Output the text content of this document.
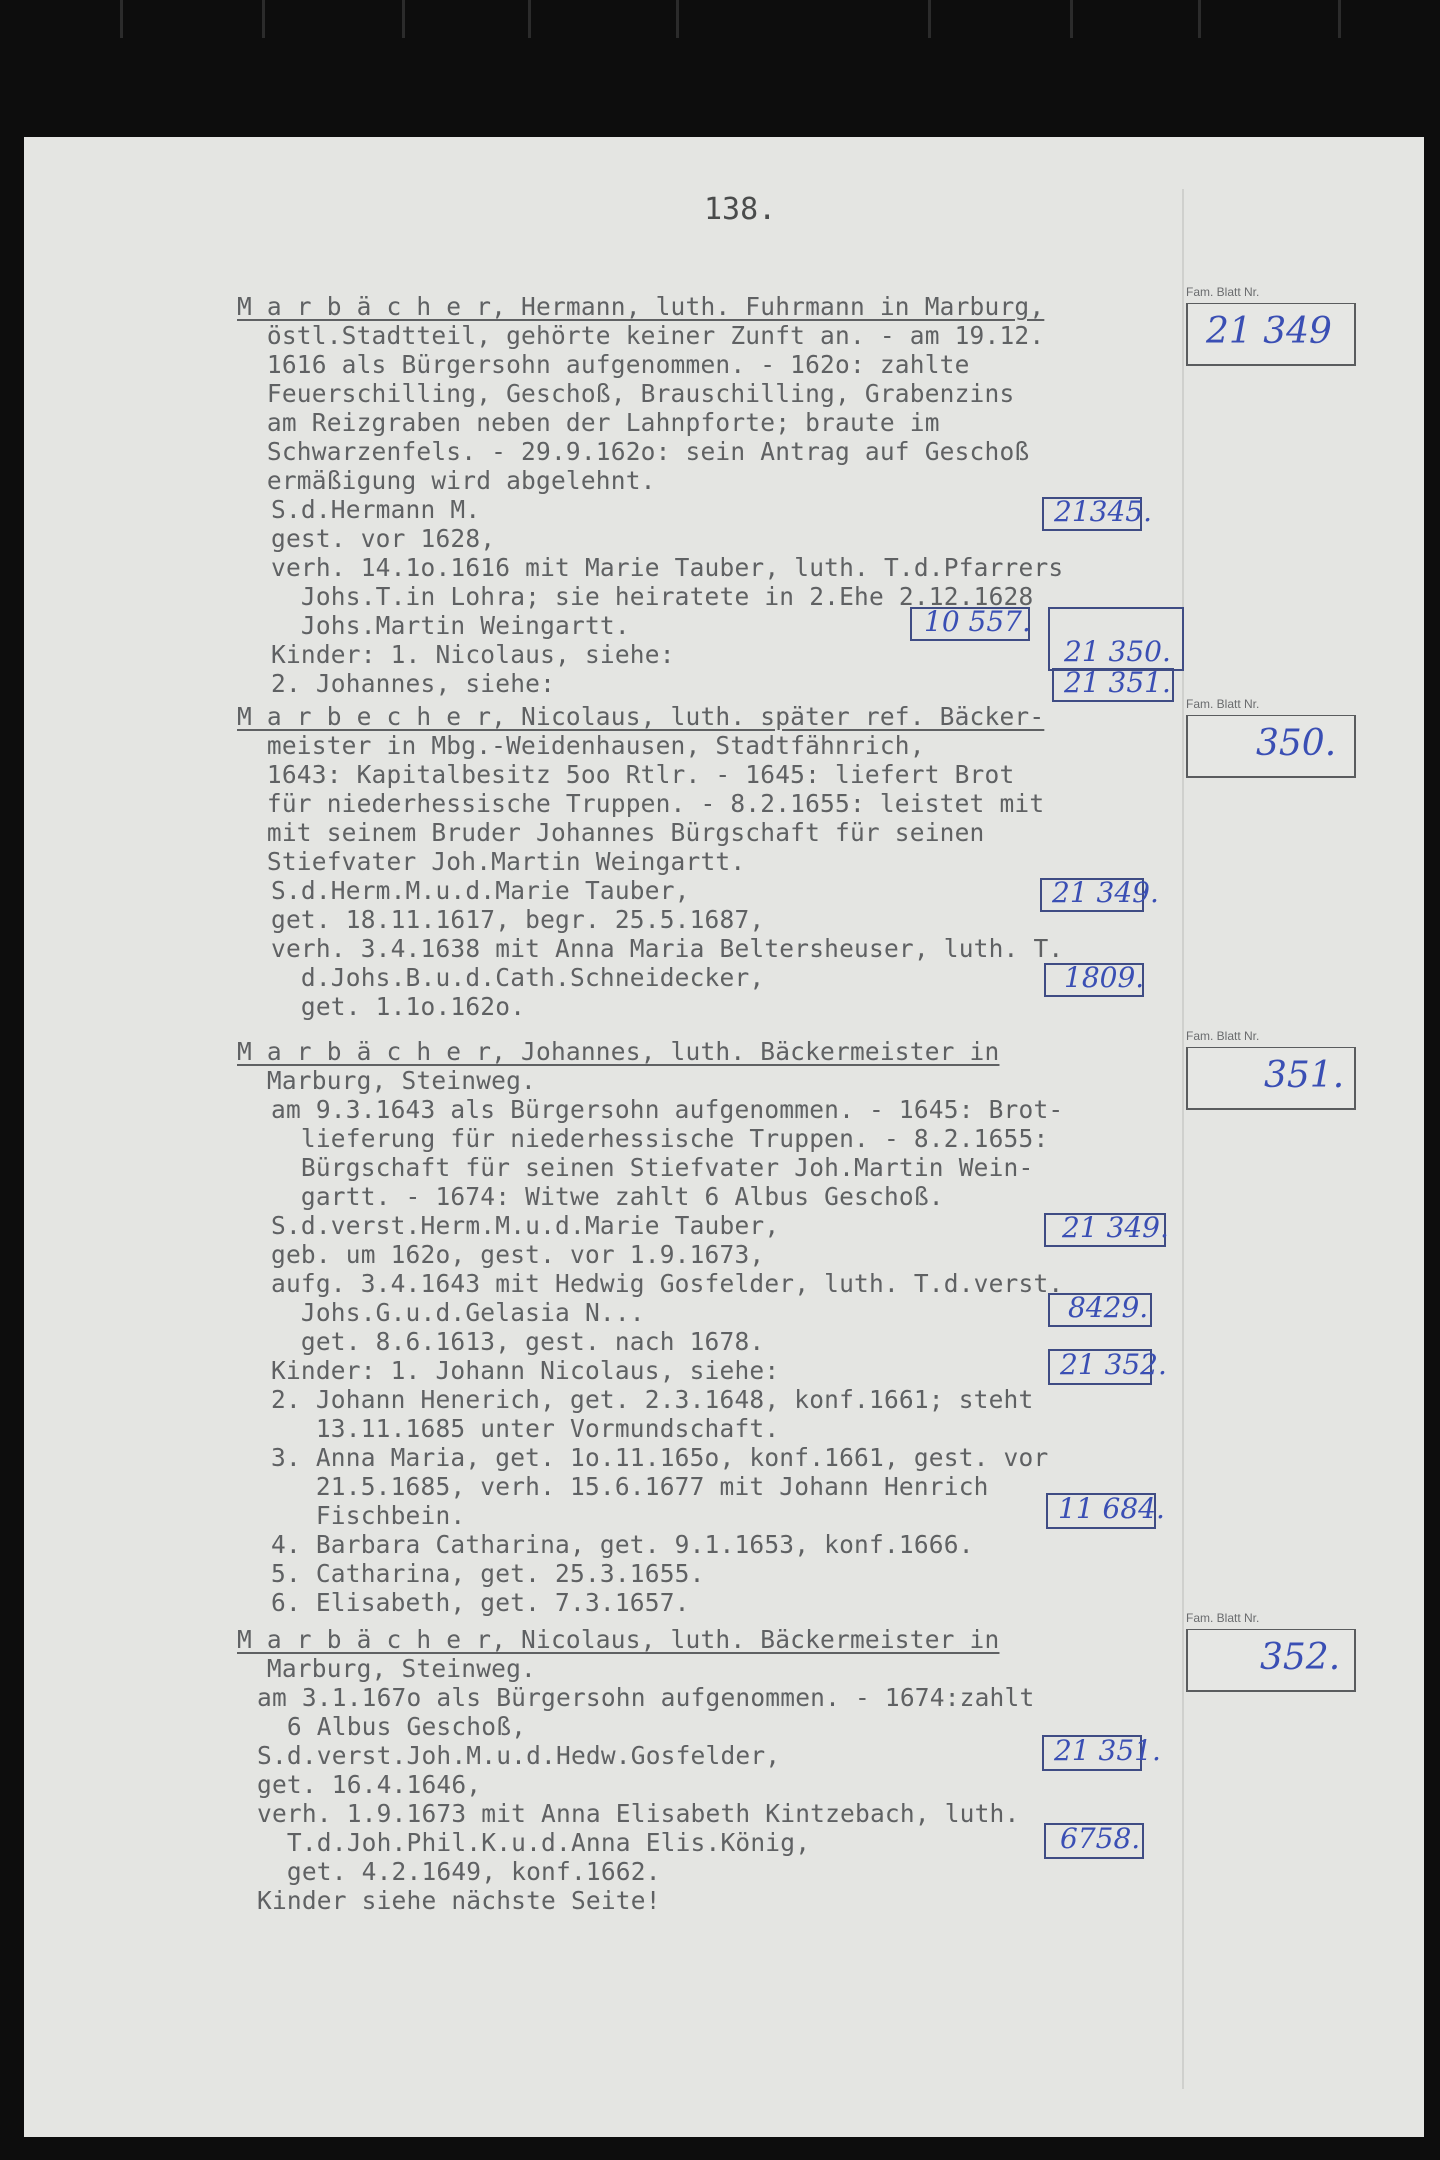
138.
M a r b ä c h e r, Hermann, luth. Fuhrmann in Marburg,
östl.Stadtteil, gehörte keiner Zunft an. - am 19.12.
1616 als Bürgersohn aufgenommen. - 162o: zahlte
Feuerschilling, Geschoß, Brauschilling, Grabenzins
am Reizgraben neben der Lahnpforte; braute im
Schwarzenfels. - 29.9.162o: sein Antrag auf Geschoß
ermäßigung wird abgelehnt.
S.d.Hermann M.
gest. vor 1628,
verh. 14.1o.1616 mit Marie Tauber, luth. T.d.Pfarrers
Johs.T.in Lohra; sie heiratete in 2.Ehe 2.12.1628
Johs.Martin Weingartt.
Kinder: 1. Nicolaus, siehe:
2. Johannes, siehe:
21345.
10 557.
21 350.
21 351.
Fam. Blatt Nr.
21 349
M a r b e c h e r, Nicolaus, luth. später ref. Bäcker-
meister in Mbg.-Weidenhausen, Stadtfähnrich,
1643: Kapitalbesitz 5oo Rtlr. - 1645: liefert Brot
für niederhessische Truppen. - 8.2.1655: leistet mit
mit seinem Bruder Johannes Bürgschaft für seinen
Stiefvater Joh.Martin Weingartt.
S.d.Herm.M.u.d.Marie Tauber,
get. 18.11.1617, begr. 25.5.1687,
verh. 3.4.1638 mit Anna Maria Beltersheuser, luth. T.
d.Johs.B.u.d.Cath.Schneidecker,
get. 1.1o.162o.
21 349.
1809.
Fam. Blatt Nr.
350.
M a r b ä c h e r, Johannes, luth. Bäckermeister in
Marburg, Steinweg.
am 9.3.1643 als Bürgersohn aufgenommen. - 1645: Brot-
lieferung für niederhessische Truppen. - 8.2.1655:
Bürgschaft für seinen Stiefvater Joh.Martin Wein-
gartt. - 1674: Witwe zahlt 6 Albus Geschoß.
S.d.verst.Herm.M.u.d.Marie Tauber,
geb. um 162o, gest. vor 1.9.1673,
aufg. 3.4.1643 mit Hedwig Gosfelder, luth. T.d.verst.
Johs.G.u.d.Gelasia N...
get. 8.6.1613, gest. nach 1678.
Kinder: 1. Johann Nicolaus, siehe:
2. Johann Henerich, get. 2.3.1648, konf.1661; steht
13.11.1685 unter Vormundschaft.
3. Anna Maria, get. 1o.11.165o, konf.1661, gest. vor
21.5.1685, verh. 15.6.1677 mit Johann Henrich
Fischbein.
4. Barbara Catharina, get. 9.1.1653, konf.1666.
5. Catharina, get. 25.3.1655.
6. Elisabeth, get. 7.3.1657.
21 349.
8429.
21 352.
11 684.
Fam. Blatt Nr.
351.
M a r b ä c h e r, Nicolaus, luth. Bäckermeister in
Marburg, Steinweg.
am 3.1.167o als Bürgersohn aufgenommen. - 1674:zahlt
6 Albus Geschoß,
S.d.verst.Joh.M.u.d.Hedw.Gosfelder,
get. 16.4.1646,
verh. 1.9.1673 mit Anna Elisabeth Kintzebach, luth.
T.d.Joh.Phil.K.u.d.Anna Elis.König,
get. 4.2.1649, konf.1662.
Kinder siehe nächste Seite!
21 351.
6758.
Fam. Blatt Nr.
352.
